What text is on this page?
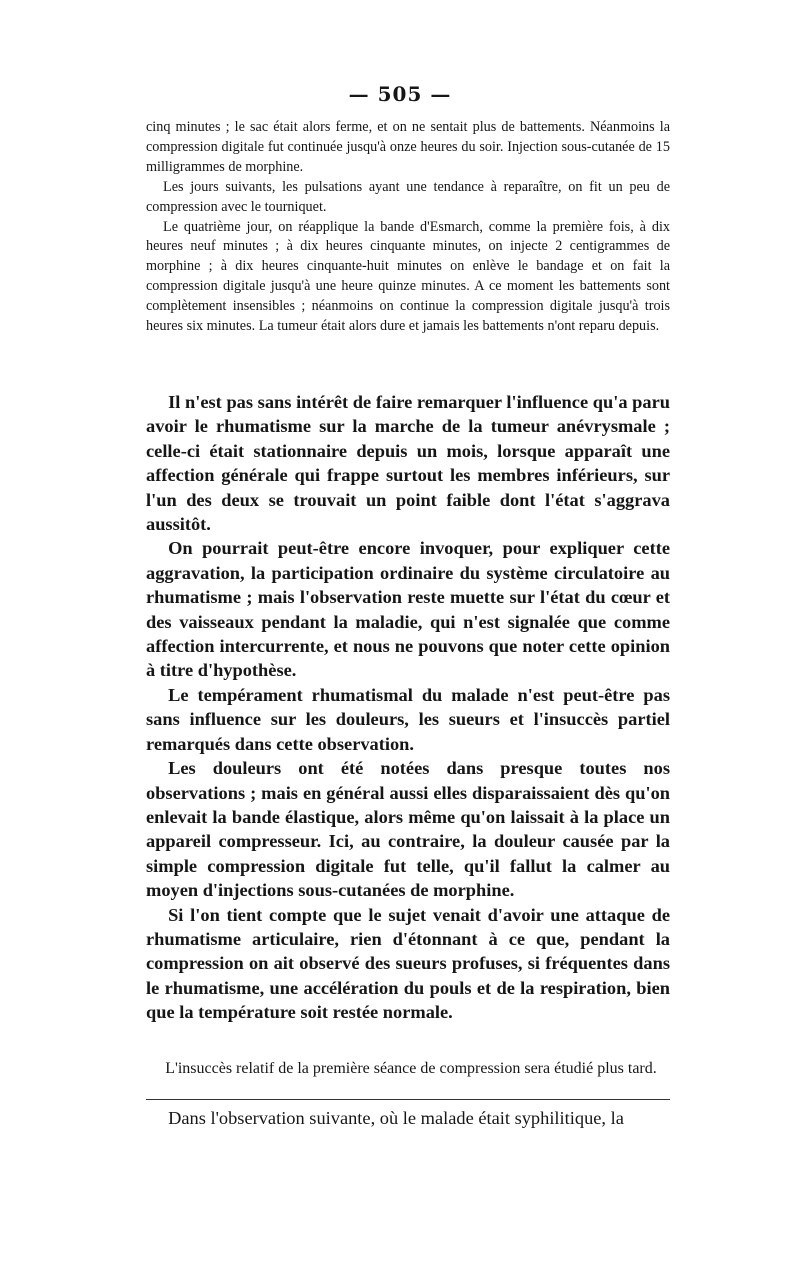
— 505 —

cinq minutes ; le sac était alors ferme, et on ne sentait plus de battements. Néanmoins la compression digitale fut continuée jusqu'à onze heures du soir. Injection sous-cutanée de 15 milligrammes de morphine.

Les jours suivants, les pulsations ayant une tendance à reparaître, on fit un peu de compression avec le tourniquet.

Le quatrième jour, on réapplique la bande d'Esmarch, comme la première fois, à dix heures neuf minutes ; à dix heures cinquante minutes, on injecte 2 centigrammes de morphine ; à dix heures cinquante-huit minutes on enlève le bandage et on fait la compression digitale jusqu'à une heure quinze minutes. A ce moment les battements sont complètement insensibles ; néanmoins on continue la compression digitale jusqu'à trois heures six minutes. La tumeur était alors dure et jamais les battements n'ont reparu depuis.

Il n'est pas sans intérêt de faire remarquer l'influence qu'a paru avoir le rhumatisme sur la marche de la tumeur anévrysmale ; celle-ci était stationnaire depuis un mois, lorsque apparaît une affection générale qui frappe surtout les membres inférieurs, sur l'un des deux se trouvait un point faible dont l'état s'aggrava aussitôt.

On pourrait peut-être encore invoquer, pour expliquer cette aggravation, la participation ordinaire du système circulatoire au rhumatisme ; mais l'observation reste muette sur l'état du cœur et des vaisseaux pendant la maladie, qui n'est signalée que comme affection intercurrente, et nous ne pouvons que noter cette opinion à titre d'hypothèse.

Le tempérament rhumatismal du malade n'est peut-être pas sans influence sur les douleurs, les sueurs et l'insuccès partiel remarqués dans cette observation.

Les douleurs ont été notées dans presque toutes nos observations ; mais en général aussi elles disparaissaient dès qu'on enlevait la bande élastique, alors même qu'on laissait à la place un appareil compresseur. Ici, au contraire, la douleur causée par la simple compression digitale fut telle, qu'il fallut la calmer au moyen d'injections sous-cutanées de morphine.

Si l'on tient compte que le sujet venait d'avoir une attaque de rhumatisme articulaire, rien d'étonnant à ce que, pendant la compression on ait observé des sueurs profuses, si fréquentes dans le rhumatisme, une accélération du pouls et de la respiration, bien que la température soit restée normale.

L'insuccès relatif de la première séance de compression sera étudié plus tard.

Dans l'observation suivante, où le malade était syphilitique, la
